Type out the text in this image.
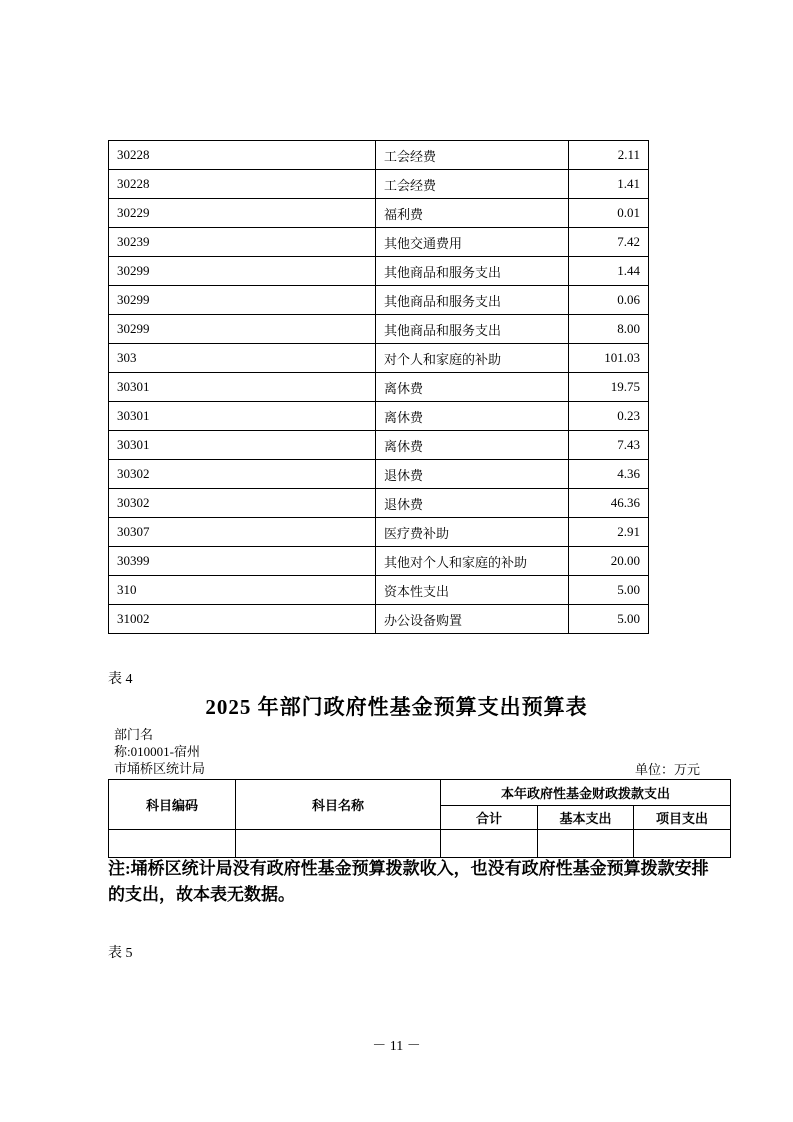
30228	工会经费	2.11
30228	工会经费	1.41
30229	福利费	0.01
30239	其他交通费用	7.42
30299	其他商品和服务支出	1.44
30299	其他商品和服务支出	0.06
30299	其他商品和服务支出	8.00
303	对个人和家庭的补助	101.03
30301	离休费	19.75
30301	离休费	0.23
30301	离休费	7.43
30302	退休费	4.36
30302	退休费	46.36
30307	医疗费补助	2.91
30399	其他对个人和家庭的补助	20.00
310	资本性支出	5.00
31002	办公设备购置	5.00
表 4
2025 年部门政府性基金预算支出预算表
部门名
称:010001-宿州
市埇桥区统计局	单位：万元
科目编码	科目名称	本年政府性基金财政拨款支出		
		合计	基本支出	项目支出

注:埇桥区统计局没有政府性基金预算拨款收入，也没有政府性基金预算拨款安排的支出，故本表无数据。
表 5
－ 11 －
